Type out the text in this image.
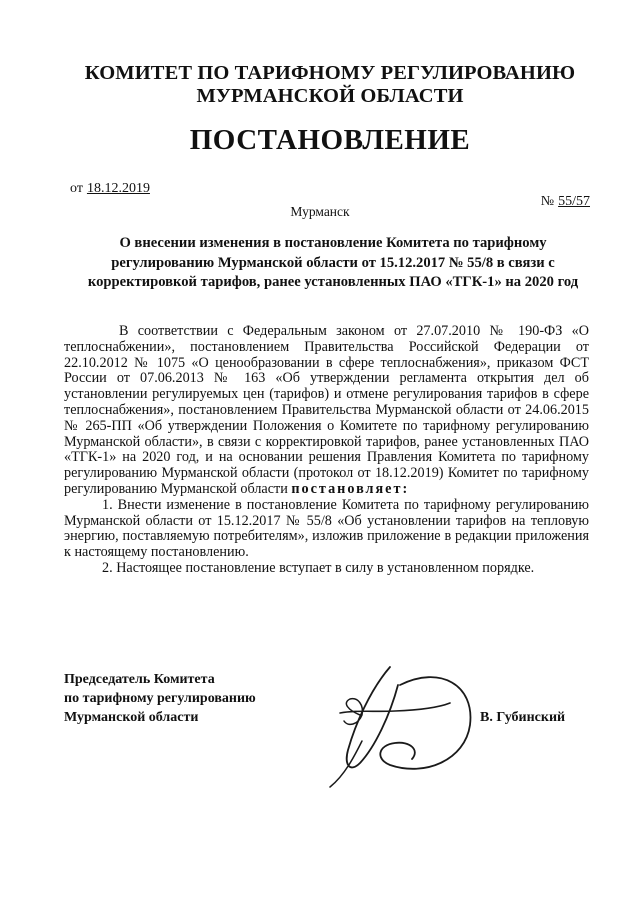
КОМИТЕТ ПО ТАРИФНОМУ РЕГУЛИРОВАНИЮ
МУРМАНСКОЙ ОБЛАСТИ
ПОСТАНОВЛЕНИЕ
от 18.12.2019
№ 55/57
Мурманск
О внесении изменения в постановление Комитета по тарифному
регулированию Мурманской области от 15.12.2017 № 55/8 в связи с
корректировкой тарифов, ранее установленных ПАО «ТГК-1» на 2020 год

В соответствии с Федеральным законом от 27.07.2010 № 190-ФЗ «О теплоснабжении», постановлением Правительства Российской Федерации от 22.10.2012 № 1075 «О ценообразовании в сфере теплоснабжения», приказом ФСТ России от 07.06.2013 № 163 «Об утверждении регламента открытия дел об установлении регулируемых цен (тарифов) и отмене регулирования тарифов в сфере теплоснабжения», постановлением Правительства Мурманской области от 24.06.2015 № 265-ПП «Об утверждении Положения о Комитете по тарифному регулированию Мурманской области», в связи с корректировкой тарифов, ранее установленных ПАО «ТГК-1» на 2020 год, и на основании решения Правления Комитета по тарифному регулированию Мурманской области (протокол от 18.12.2019) Комитет по тарифному регулированию Мурманской области постановляет:

1. Внести изменение в постановление Комитета по тарифному регулированию Мурманской области от 15.12.2017 № 55/8 «Об установлении тарифов на тепловую энергию, поставляемую потребителям», изложив приложение в редакции приложения к настоящему постановлению.

2. Настоящее постановление вступает в силу в установленном порядке.

Председатель Комитета
по тарифному регулированию
Мурманской области	В. Губинский
